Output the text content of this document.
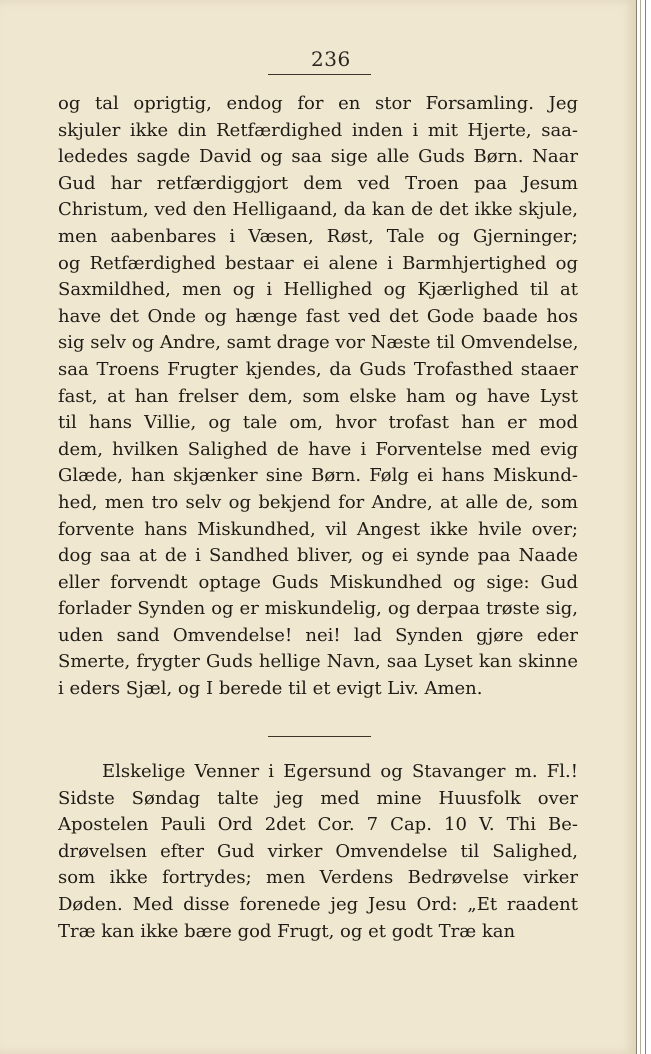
236
og tal oprigtig, endog for en stor Forsamling. Jeg
skjuler ikke din Retfærdighed inden i mit Hjerte, saa-
lededes sagde David og saa sige alle Guds Børn. Naar
Gud har retfærdiggjort dem ved Troen paa Jesum
Christum, ved den Helligaand, da kan de det ikke skjule,
men aabenbares i Væsen, Røst, Tale og Gjerninger;
og Retfærdighed bestaar ei alene i Barmhjertighed og
Saxmildhed, men og i Hellighed og Kjærlighed til at
have det Onde og hænge fast ved det Gode baade hos
sig selv og Andre, samt drage vor Næste til Omvendelse,
saa Troens Frugter kjendes, da Guds Trofasthed staaer
fast, at han frelser dem, som elske ham og have Lyst
til hans Villie, og tale om, hvor trofast han er mod
dem, hvilken Salighed de have i Forventelse med evig
Glæde, han skjænker sine Børn. Følg ei hans Miskund-
hed, men tro selv og bekjend for Andre, at alle de, som
forvente hans Miskundhed, vil Angest ikke hvile over;
dog saa at de i Sandhed bliver, og ei synde paa Naade
eller forvendt optage Guds Miskundhed og sige: Gud
forlader Synden og er miskundelig, og derpaa trøste sig,
uden sand Omvendelse! nei! lad Synden gjøre eder
Smerte, frygter Guds hellige Navn, saa Lyset kan skinne
i eders Sjæl, og I berede til et evigt Liv. Amen.
Elskelige Venner i Egersund og Stavanger m. Fl.!
Sidste Søndag talte jeg med mine Huusfolk over
Apostelen Pauli Ord 2det Cor. 7 Cap. 10 V. Thi Be-
drøvelsen efter Gud virker Omvendelse til Salighed,
som ikke fortrydes; men Verdens Bedrøvelse virker
Døden. Med disse forenede jeg Jesu Ord: „Et raadent
Træ kan ikke bære god Frugt, og et godt Træ kan
